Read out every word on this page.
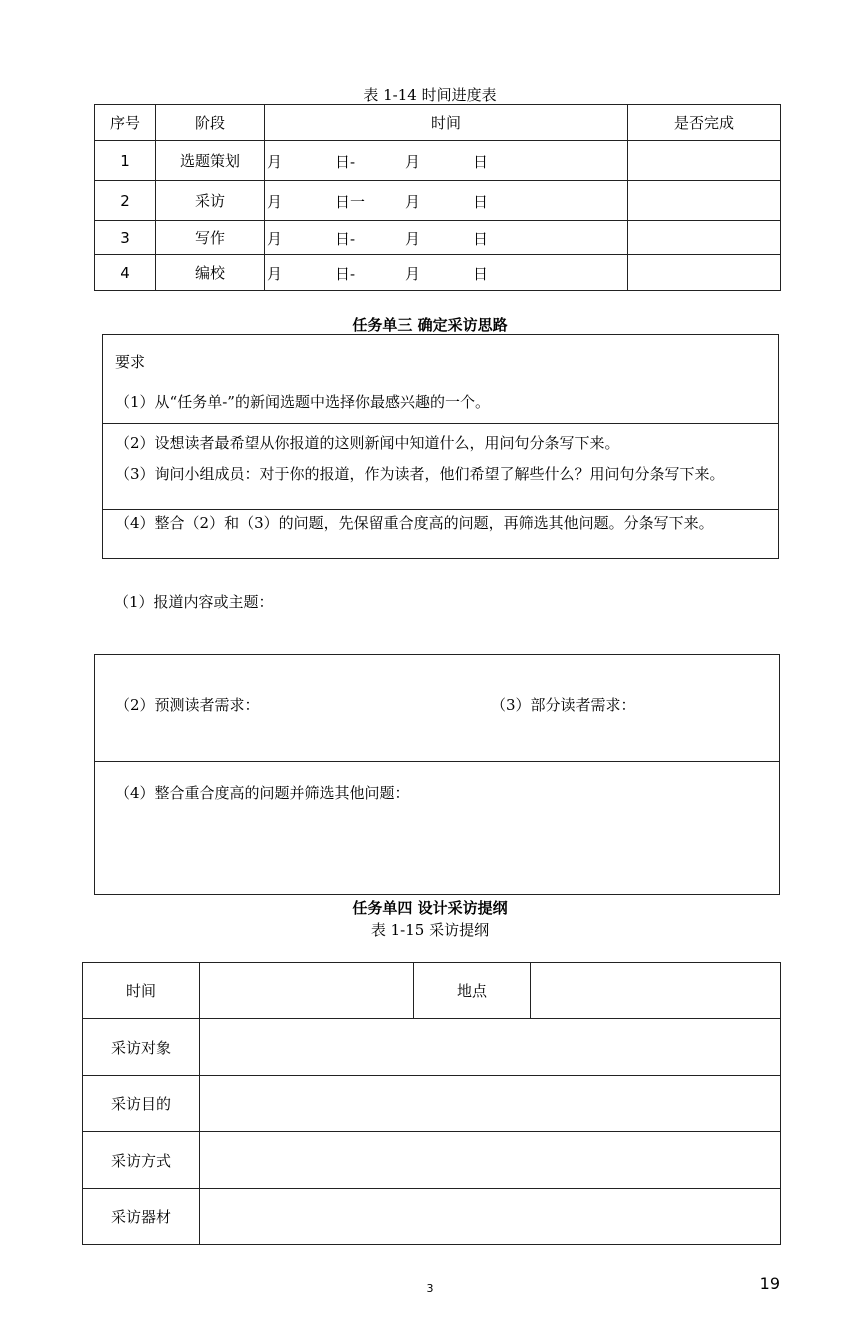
表 1-14 时间进度表
序号	阶段	时间	是否完成
1	选题策划	月 日- 月 日	

2	采访	月 日一 月 日	

3	写作	月 日- 月 日	

4	编校	月 日- 月 日	

任务单三 确定采访思路
要求
（1）从“任务单-”的新闻选题中选择你最感兴趣的一个。
（2）设想读者最希望从你报道的这则新闻中知道什么，用问句分条写下来。
（3）询问小组成员：对于你的报道，作为读者，他们希望了解些什么？用问句分条写下来。
（4）整合（2）和（3）的问题，先保留重合度高的问题，再筛选其他问题。分条写下来。
（1）报道内容或主题：
（2）预测读者需求：	（3）部分读者需求：
（4）整合重合度高的问题并筛选其他问题：
任务单四 设计采访提纲
表 1-15 采访提纲
时间		地点	
采访对象			
采访目的			
采访方式			
采访器材			
3	19
